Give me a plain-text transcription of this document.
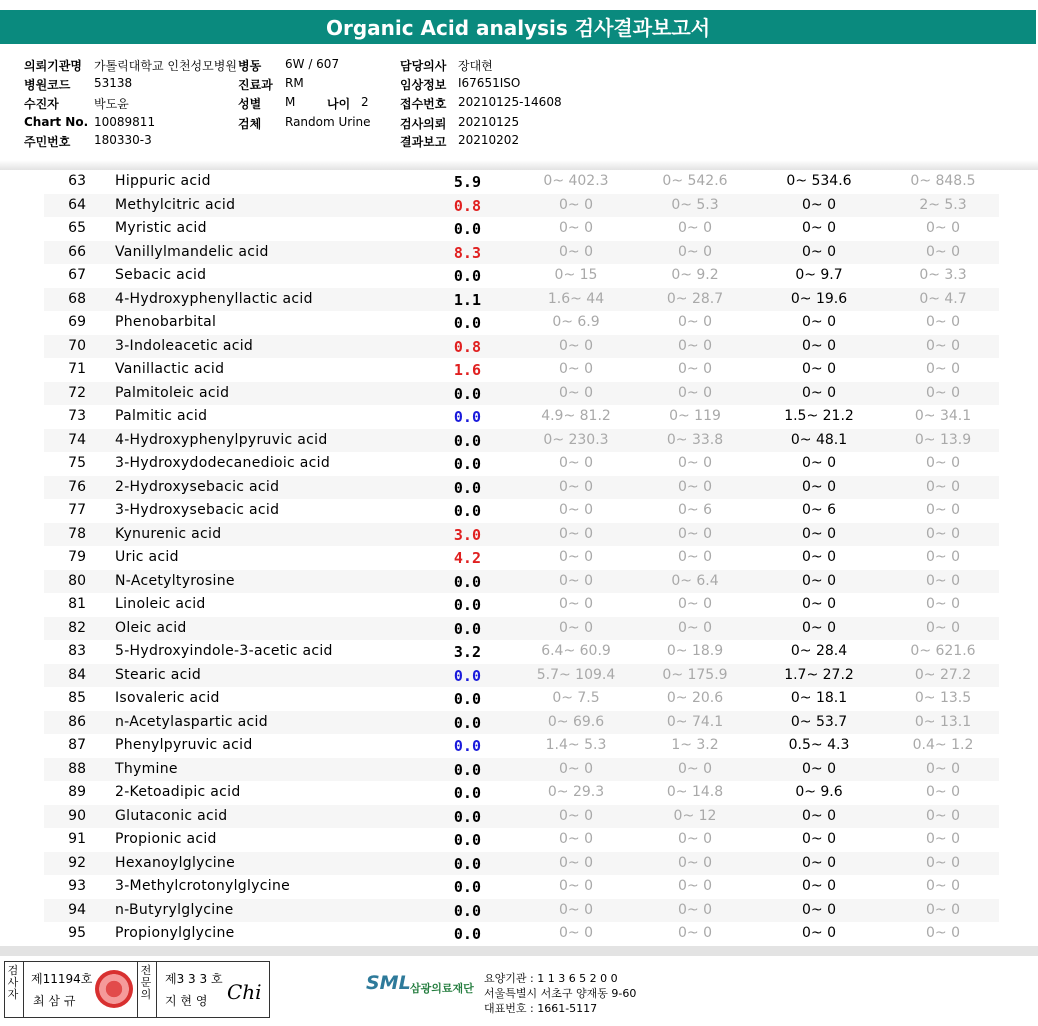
Organic Acid analysis 검사결과보고서
의뢰기관명 가톨릭대학교 인천성모병원
병원코드 53138
수진자	박도윤
Chart No. 10089811
주민번호 180330-3
병동 6W / 607
진료과 RM
성별 M	나이 2
검체 Random Urine
담당의사 장대현
임상정보 I67651ISO
접수번호 20210125-14608
검사의뢰 20210125
결과보고 20210202
63 Hippuric acid	5.9	0~ 402.3	0~ 542.6	0~ 534.6	0~ 848.5
64 Methylcitric acid	0.8	0~ 0	0~ 5.3	0~ 0	2~ 5.3
65 Myristic acid	0.0	0~ 0	0~ 0	0~ 0	0~ 0
66 Vanillylmandelic acid	8.3	0~ 0	0~ 0	0~ 0	0~ 0
67 Sebacic acid	0.0	0~ 15	0~ 9.2	0~ 9.7	0~ 3.3
68 4-Hydroxyphenyllactic acid	1.1	1.6~ 44	0~ 28.7	0~ 19.6	0~ 4.7
69 Phenobarbital	0.0	0~ 6.9	0~ 0	0~ 0	0~ 0
70 3-Indoleacetic acid	0.8	0~ 0	0~ 0	0~ 0	0~ 0
71 Vanillactic acid	1.6	0~ 0	0~ 0	0~ 0	0~ 0
72 Palmitoleic acid	0.0	0~ 0	0~ 0	0~ 0	0~ 0
73 Palmitic acid	0.0	4.9~ 81.2	0~ 119	1.5~ 21.2	0~ 34.1
74 4-Hydroxyphenylpyruvic acid	0.0	0~ 230.3	0~ 33.8	0~ 48.1	0~ 13.9
75 3-Hydroxydodecanedioic acid	0.0	0~ 0	0~ 0	0~ 0	0~ 0
76 2-Hydroxysebacic acid	0.0	0~ 0	0~ 0	0~ 0	0~ 0
77 3-Hydroxysebacic acid	0.0	0~ 0	0~ 6	0~ 6	0~ 0
78 Kynurenic acid	3.0	0~ 0	0~ 0	0~ 0	0~ 0
79 Uric acid	4.2	0~ 0	0~ 0	0~ 0	0~ 0
80 N-Acetyltyrosine	0.0	0~ 0	0~ 6.4	0~ 0	0~ 0
81 Linoleic acid	0.0	0~ 0	0~ 0	0~ 0	0~ 0
82 Oleic acid	0.0	0~ 0	0~ 0	0~ 0	0~ 0
83 5-Hydroxyindole-3-acetic acid	3.2	6.4~ 60.9	0~ 18.9	0~ 28.4	0~ 621.6
84 Stearic acid	0.0	5.7~ 109.4	0~ 175.9	1.7~ 27.2	0~ 27.2
85 Isovaleric acid	0.0	0~ 7.5	0~ 20.6	0~ 18.1	0~ 13.5
86 n-Acetylaspartic acid	0.0	0~ 69.6	0~ 74.1	0~ 53.7	0~ 13.1
87 Phenylpyruvic acid	0.0	1.4~ 5.3	1~ 3.2	0.5~ 4.3	0.4~ 1.2
88 Thymine	0.0	0~ 0	0~ 0	0~ 0	0~ 0
89 2-Ketoadipic acid	0.0	0~ 29.3	0~ 14.8	0~ 9.6	0~ 0
90 Glutaconic acid	0.0	0~ 0	0~ 12	0~ 0	0~ 0
91 Propionic acid	0.0	0~ 0	0~ 0	0~ 0	0~ 0
92 Hexanoylglycine	0.0	0~ 0	0~ 0	0~ 0	0~ 0
93 3-Methylcrotonylglycine	0.0	0~ 0	0~ 0	0~ 0	0~ 0
94 n-Butyrylglycine	0.0	0~ 0	0~ 0	0~ 0	0~ 0
95 Propionylglycine	0.0	0~ 0	0~ 0	0~ 0	0~ 0
검사자
제11194호
최 삼 규
전문의
제3 3 3 호
지 현 영 Chi	SML 삼광의료재단
요양기관 : 1 1 3 6 5 2 0 0
서울특별시 서초구 양재동 9-60
대표번호 : 1661-5117
